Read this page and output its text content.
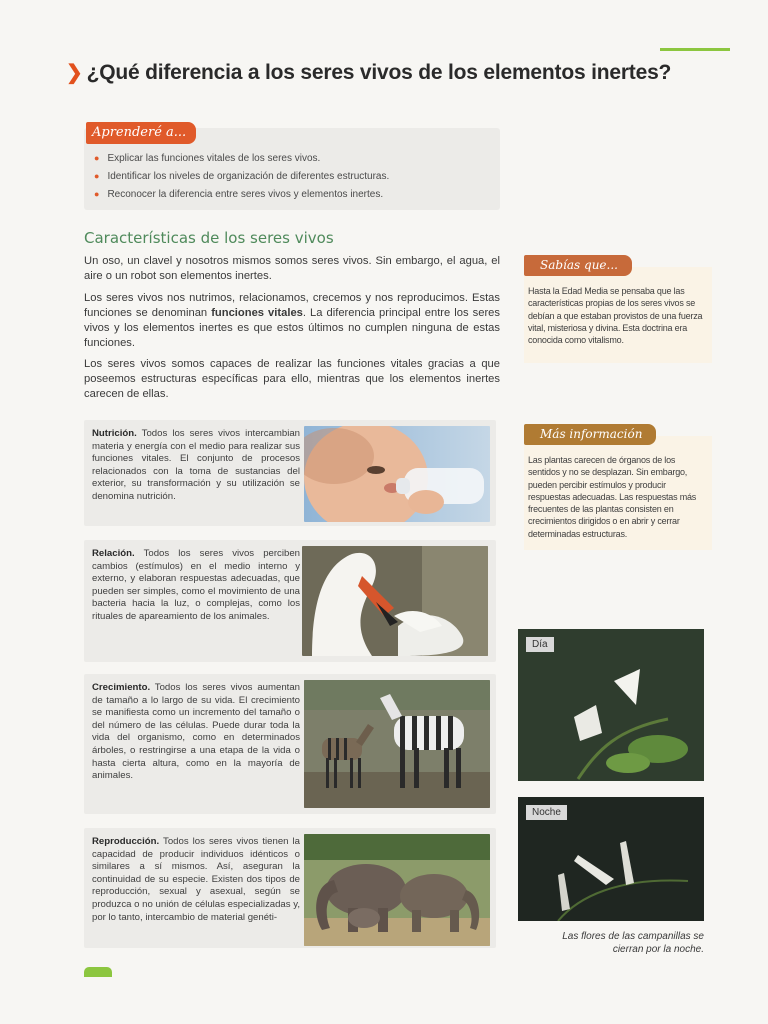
❯ ¿Qué diferencia a los seres vivos de los elementos inertes?
Aprenderé a...
● Explicar las funciones vitales de los seres vivos.
● Identificar los niveles de organización de diferentes estructuras.
● Reconocer la diferencia entre seres vivos y elementos inertes.
Características de los seres vivos

Un oso, un clavel y nosotros mismos somos seres vivos. Sin embargo, el agua, el aire o un robot son elementos inertes.

Los seres vivos nos nutrimos, relacionamos, crecemos y nos reproducimos. Estas funciones se denominan funciones vitales. La diferencia principal entre los seres vivos y los elementos inertes es que estos últimos no cumplen ninguna de estas funciones.

Los seres vivos somos capaces de realizar las funciones vitales gracias a que poseemos estructuras específicas para ello, mientras que los elementos inertes carecen de ellas.

Nutrición. Todos los seres vivos intercambian materia y energía con el medio para realizar sus funciones vitales. El conjunto de procesos relacionados con la toma de sustancias del exterior, su transformación y su utilización se denomina nutrición.
Relación. Todos los seres vivos perciben cambios (estímulos) en el medio interno y externo, y elaboran respuestas adecuadas, que pueden ser simples, como el movimiento de una bacteria hacia la luz, o complejas, como los rituales de apareamiento de los animales.
Crecimiento. Todos los seres vivos aumentan de tamaño a lo largo de su vida. El crecimiento se manifiesta como un incremento del tamaño o del número de las células. Puede durar toda la vida del organismo, como en determinados árboles, o restringirse a una etapa de la vida o hasta cierta altura, como en la mayoría de animales.
Reproducción. Todos los seres vivos tienen la capacidad de producir individuos idénticos o similares a sí mismos. Así, aseguran la continuidad de su especie. Existen dos tipos de reproducción, sexual y asexual, según se produzca o no unión de células especializadas y, por lo tanto, intercambio de material genéti-
Sabías que...
Hasta la Edad Media se pensaba que las características propias de los seres vivos se debían a que estaban provistos de una fuerza vital, misteriosa y divina. Esta doctrina era conocida como vitalismo.
Más información
Las plantas carecen de órganos de los sentidos y no se desplazan. Sin embargo, pueden percibir estímulos y producir respuestas adecuadas. Las respuestas más frecuentes de las plantas consisten en crecimientos dirigidos o en abrir y cerrar determinadas estructuras.
Día
Noche
Las flores de las campanillas se cierran por la noche.
